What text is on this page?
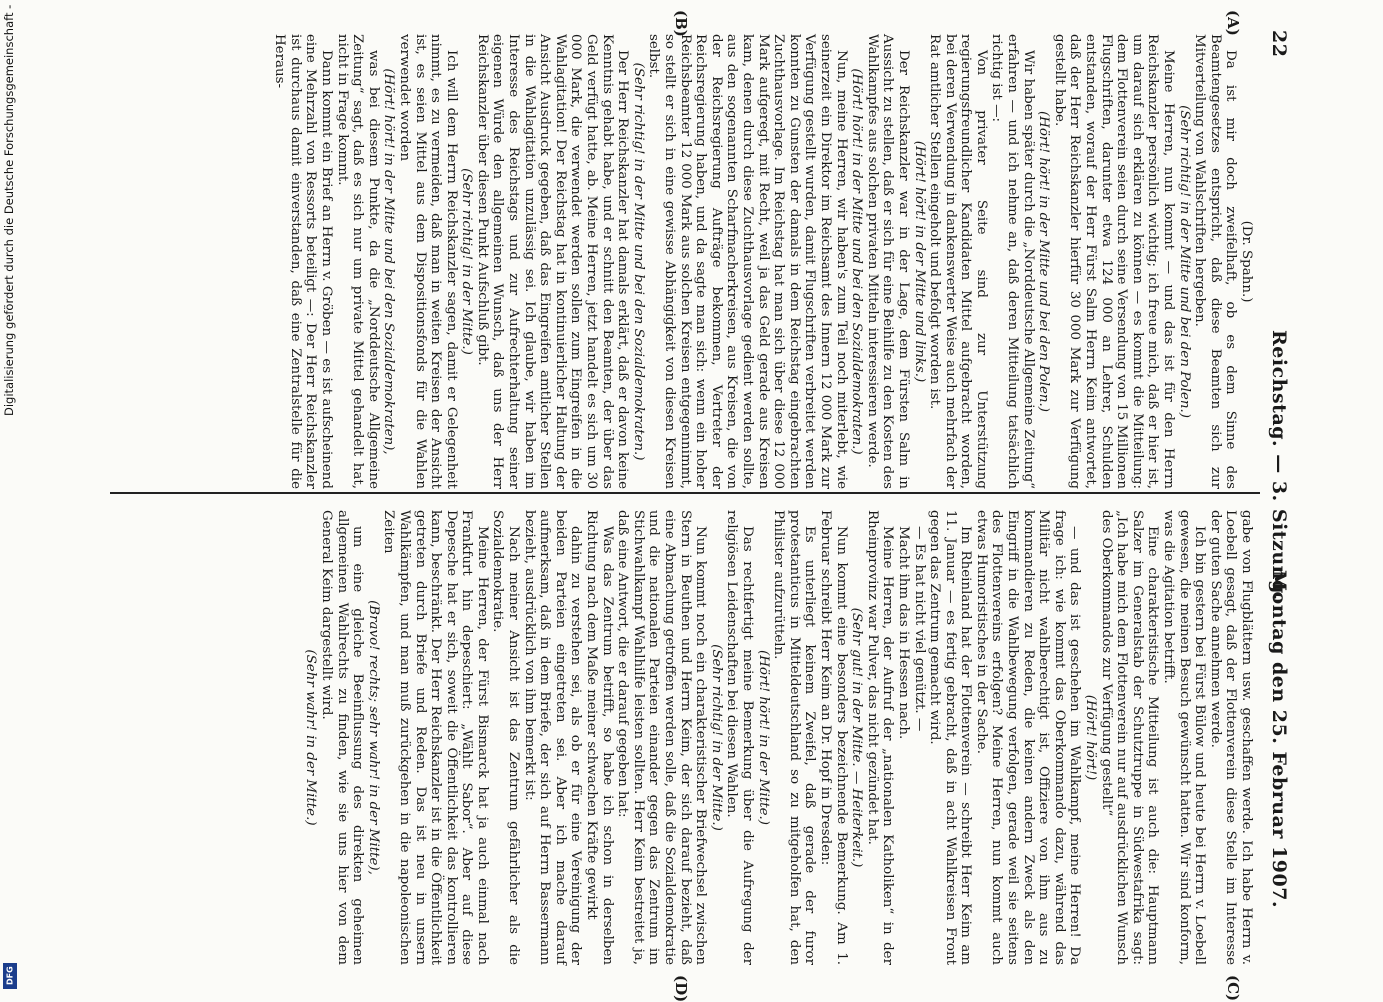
22
Reichstag. — 3. Sitzung.
Montag den 25. Februar 1907.
(A)
(B)
(C)
(D)

(Dr. Spahn.)

Da ist mir doch zweifelhaft, ob es dem Sinne des Beamtengesetzes entspricht, daß diese Beamten sich zur Mitverteilung von Wahlschriften hergeben.

(Sehr richtig! in der Mitte und bei den Polen.)

Meine Herren, nun kommt — und das ist für den Herrn Reichskanzler persönlich wichtig; ich freue mich, daß er hier ist, um darauf sich erklären zu können — es kommt die Mitteilung: dem Flottenverein seien durch seine Versendung von 15 Millionen Flugschriften, darunter etwa 124 000 an Lehrer, Schulden entstanden, worauf der Herr Fürst Salm Herrn Keim antwortet, daß der Herr Reichskanzler hierfür 30 000 Mark zur Verfügung gestellt habe.

(Hört! hört! in der Mitte und bei den Polen.)

Wir haben später durch die „Norddeutsche Allgemeine Zeitung“ erfahren — und ich nehme an, daß deren Mitteilung tatsächlich richtig ist —:

Von privater Seite sind zur Unterstützung regierungsfreundlicher Kandidaten Mittel aufgebracht worden, bei deren Verwendung in dankenswerter Weise auch mehrfach der Rat amtlicher Stellen eingeholt und befolgt worden ist.

(Hört! hört! in der Mitte und links.)

Der Reichskanzler war in der Lage, dem Fürsten Salm in Aussicht zu stellen, daß er sich für eine Beihilfe zu den Kosten des Wahlkampfes aus solchen privaten Mitteln interessieren werde.

(Hört! hört! in der Mitte und bei den Sozialdemokraten.)

Nun, meine Herren, wir haben's zum Teil noch miterlebt, wie seinerzeit ein Direktor im Reichsamt des Innern 12 000 Mark zur Verfügung gestellt wurden, damit Flugschriften verbreitet werden konnten zu Gunsten der damals in dem Reichstag eingebrachten Zuchthausvorlage. Im Reichstag hat man sich über diese 12 000 Mark aufgeregt, mit Recht, weil ja das Geld gerade aus Kreisen kam, denen durch diese Zuchthausvorlage gedient werden sollte, aus den sogenannten Scharfmacherkreisen, aus Kreisen, die von der Reichsregierung Aufträge bekommen, Vertreter der Reichsregierung haben, und da sagte man sich: wenn ein hoher Reichsbeamter 12 000 Mark aus solchen Kreisen entgegennimmt, so stellt er sich in eine gewisse Abhängigkeit von diesen Kreisen selbst.

(Sehr richtig! in der Mitte und bei den Sozialdemokraten.)

Der Herr Reichskanzler hat damals erklärt, daß er davon keine Kenntnis gehabt habe, und er schnitt den Beamten, der über das Geld verfügt hatte, ab. Meine Herren, jetzt handelt es sich um 30 000 Mark, die verwendet werden sollen zum Eingreifen in die Wahlagitation! Der Reichstag hat in kontinuierlicher Haltung der Ansicht Ausdruck gegeben, daß das Eingreifen amtlicher Stellen in die Wahlagitation unzulässig sei. Ich glaube, wir haben im Interesse des Reichstags und zur Aufrechterhaltung seiner eigenen Würde den allgemeinen Wunsch, daß uns der Herr Reichskanzler über diesen Punkt Aufschluß gibt.

(Sehr richtig! in der Mitte.)

Ich will dem Herrn Reichskanzler sagen, damit er Gelegenheit nimmt, es zu vermeiden, daß man in weiten Kreisen der Ansicht ist, es seien Mittel aus dem Dispositionsfonds für die Wahlen verwendet worden

(Hört! hört! in der Mitte und bei den Sozialdemokraten),

was bei diesem Punkte, da die „Norddeutsche Allgemeine Zeitung“ sagt, daß es sich nur um private Mittel gehandelt hat, nicht in Frage kommt.

Dann kommt ein Brief an Herrn v. Gröben — es ist aufscheinend eine Mehrzahl von Ressorts beteiligt —: Der Herr Reichskanzler ist durchaus damit einverstanden, daß eine Zentralstelle für die Heraus-

gabe von Flugblättern usw. geschaffen werde. Ich habe Herrn v. Loebell gesagt, daß der Flottenverein diese Stelle im Interesse der guten Sache annehmen werde.

Ich bin gestern bei Fürst Bülow und heute bei Herrn v. Loebell gewesen, die meinen Besuch gewünscht hatten. Wir sind konform, was die Agitation betrifft.

Eine charakteristische Mitteilung ist auch die: Hauptmann Salzer im Generalstab der Schutztruppe in Südwestafrika sagt: „Ich habe mich dem Flottenverein nur auf ausdrücklichen Wunsch des Oberkommandos zur Verfügung gestellt“

(Hört! hört!)

— und das ist geschehen im Wahlkampf, meine Herren! Da frage ich: wie kommt das Oberkommando dazu, während das Militär nicht wahlberechtigt ist, Offiziere von ihm aus zu kommandieren zu Reden, die keinen andern Zweck als den Eingriff in die Wahlbewegung verfolgen, gerade weil sie seitens des Flottenvereins erfolgen? Meine Herren, nun kommt auch etwas Humoristisches in der Sache.

Im Rheinland hat der Flottenverein — schreibt Herr Keim am 11. Januar — es fertig gebracht, daß in acht Wahlkreisen Front gegen das Zentrum gemacht wird.

— Es hat nicht viel genützt. —

Macht ihm das in Hessen nach.

Meine Herren, der Aufruf der „nationalen Katholiken“ in der Rheinprovinz war Pulver, das nicht gezündet hat.

(Sehr gut! in der Mitte. — Heiterkeit.)

Nun kommt eine besonders bezeichnende Bemerkung. Am 1. Februar schreibt Herr Keim an Dr. Hopf in Dresden:

Es unterliegt keinem Zweifel, daß gerade der furor protestanticus in Mitteldeutschland so zu mitgeholfen hat, den Philister aufzurütteln.

(Hört! hört! in der Mitte.)

Das rechtfertigt meine Bemerkung über die Aufregung der religiösen Leidenschaften bei diesen Wahlen.

(Sehr richtig! in der Mitte.)

Nun kommt noch ein charakteristischer Briefwechsel zwischen Stern in Beuthen und Herrn Keim, der sich darauf bezieht, daß eine Abmachung getroffen werden solle, daß die Sozialdemokratie und die nationalen Parteien einander gegen das Zentrum im Stichwahlkampf Wahlhilfe leisten sollten. Herr Keim bestreitet ja, daß eine Antwort, die er darauf gegeben hat:

Was das Zentrum betrifft, so habe ich schon in derselben Richtung nach dem Maße meiner schwachen Kräfte gewirkt

dahin zu verstehen sei, als ob er für eine Vereinigung der beiden Parteien eingetreten sei. Aber ich mache darauf aufmerksam, daß in dem Briefe, der sich auf Herrn Bassermann bezieht, ausdrücklich von ihm bemerkt ist:

Nach meiner Ansicht ist das Zentrum gefährlicher als die Sozialdemokratie.

Meine Herren, der Fürst Bismarck hat ja auch einmal nach Frankfurt hin depeschiert: „Wählt Sabor“. Aber auf diese Depesche hat er sich, soweit die Öffentlichkeit das kontrollieren kann, beschränkt. Der Herr Reichskanzler ist in die Öffentlichkeit getreten durch Briefe und Reden. Das ist neu in unsern Wahlkämpfen, und man muß zurückgehen in die napoleonischen Zeiten

(Bravo! rechts; sehr wahr! in der Mitte),

um eine gleiche Beeinflussung des direkten geheimen allgemeinen Wahlrechts zu finden, wie sie uns hier von dem General Keim dargestellt wird.

(Sehr wahr! in der Mitte.)

Digitalisierung gefördert durch die Deutsche Forschungsgemeinschaft -
DFG
